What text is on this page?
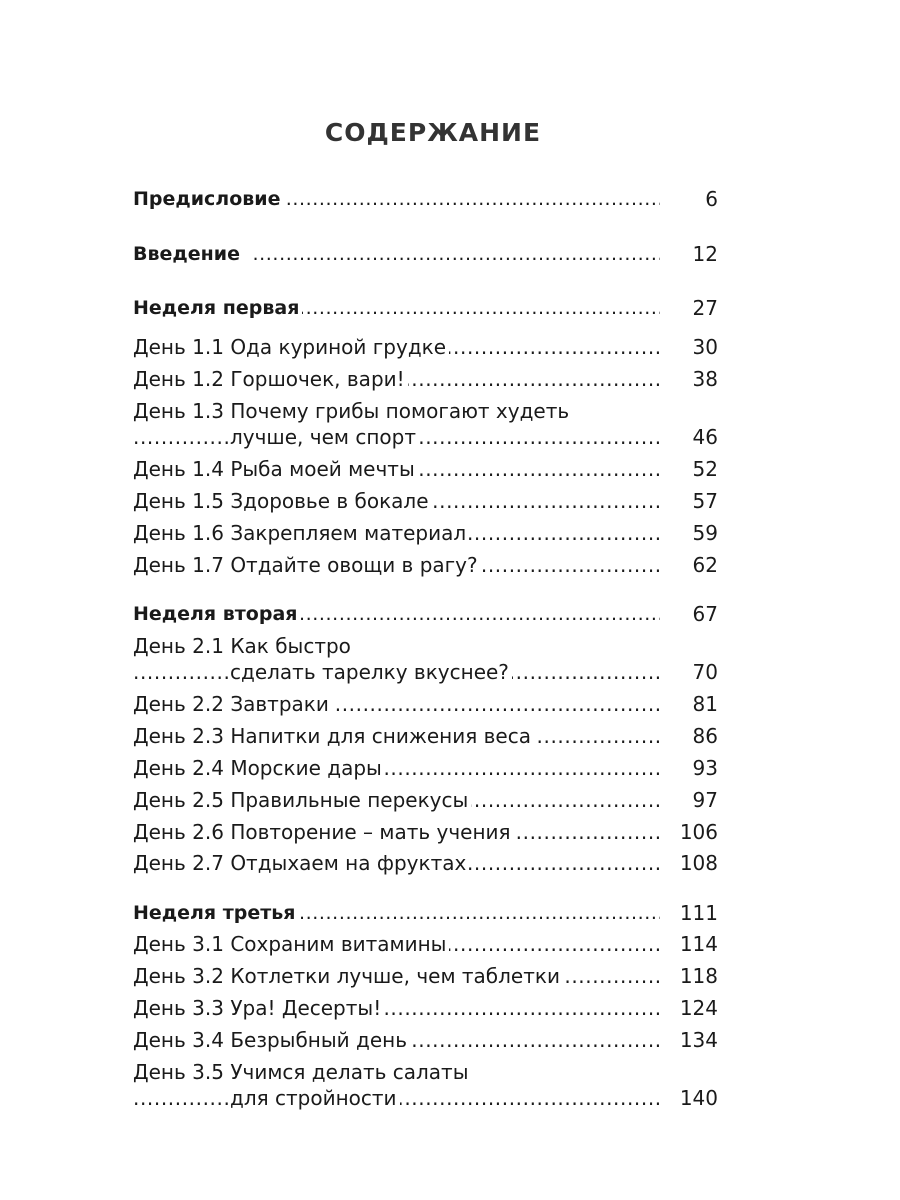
СОДЕРЖАНИЕ
Предисловие .....	6
Введение .....	12
Неделя первая .....	27
День 1.1 Ода куриной грудке .....	30
День 1.2 Горшочек, вари! .....	38
День 1.3 Почему грибы помогают худеть
лучше, чем спорт .....	46
День 1.4 Рыба моей мечты .....	52
День 1.5 Здоровье в бокале .....	57
День 1.6 Закрепляем материал .....	59
День 1.7 Отдайте овощи в рагу? .....	62
Неделя вторая .....	67
День 2.1 Как быстро
сделать тарелку вкуснее? .....	70
День 2.2 Завтраки .....	81
День 2.3 Напитки для снижения веса .....	86
День 2.4 Морские дары .....	93
День 2.5 Правильные перекусы .....	97
День 2.6 Повторение – мать учения .....	106
День 2.7 Отдыхаем на фруктах .....	108
Неделя третья .....	111
День 3.1 Сохраним витамины .....	114
День 3.2 Котлетки лучше, чем таблетки .....	118
День 3.3 Ура! Десерты! .....	124
День 3.4 Безрыбный день .....	134
День 3.5 Учимся делать салаты
для стройности .....	140
